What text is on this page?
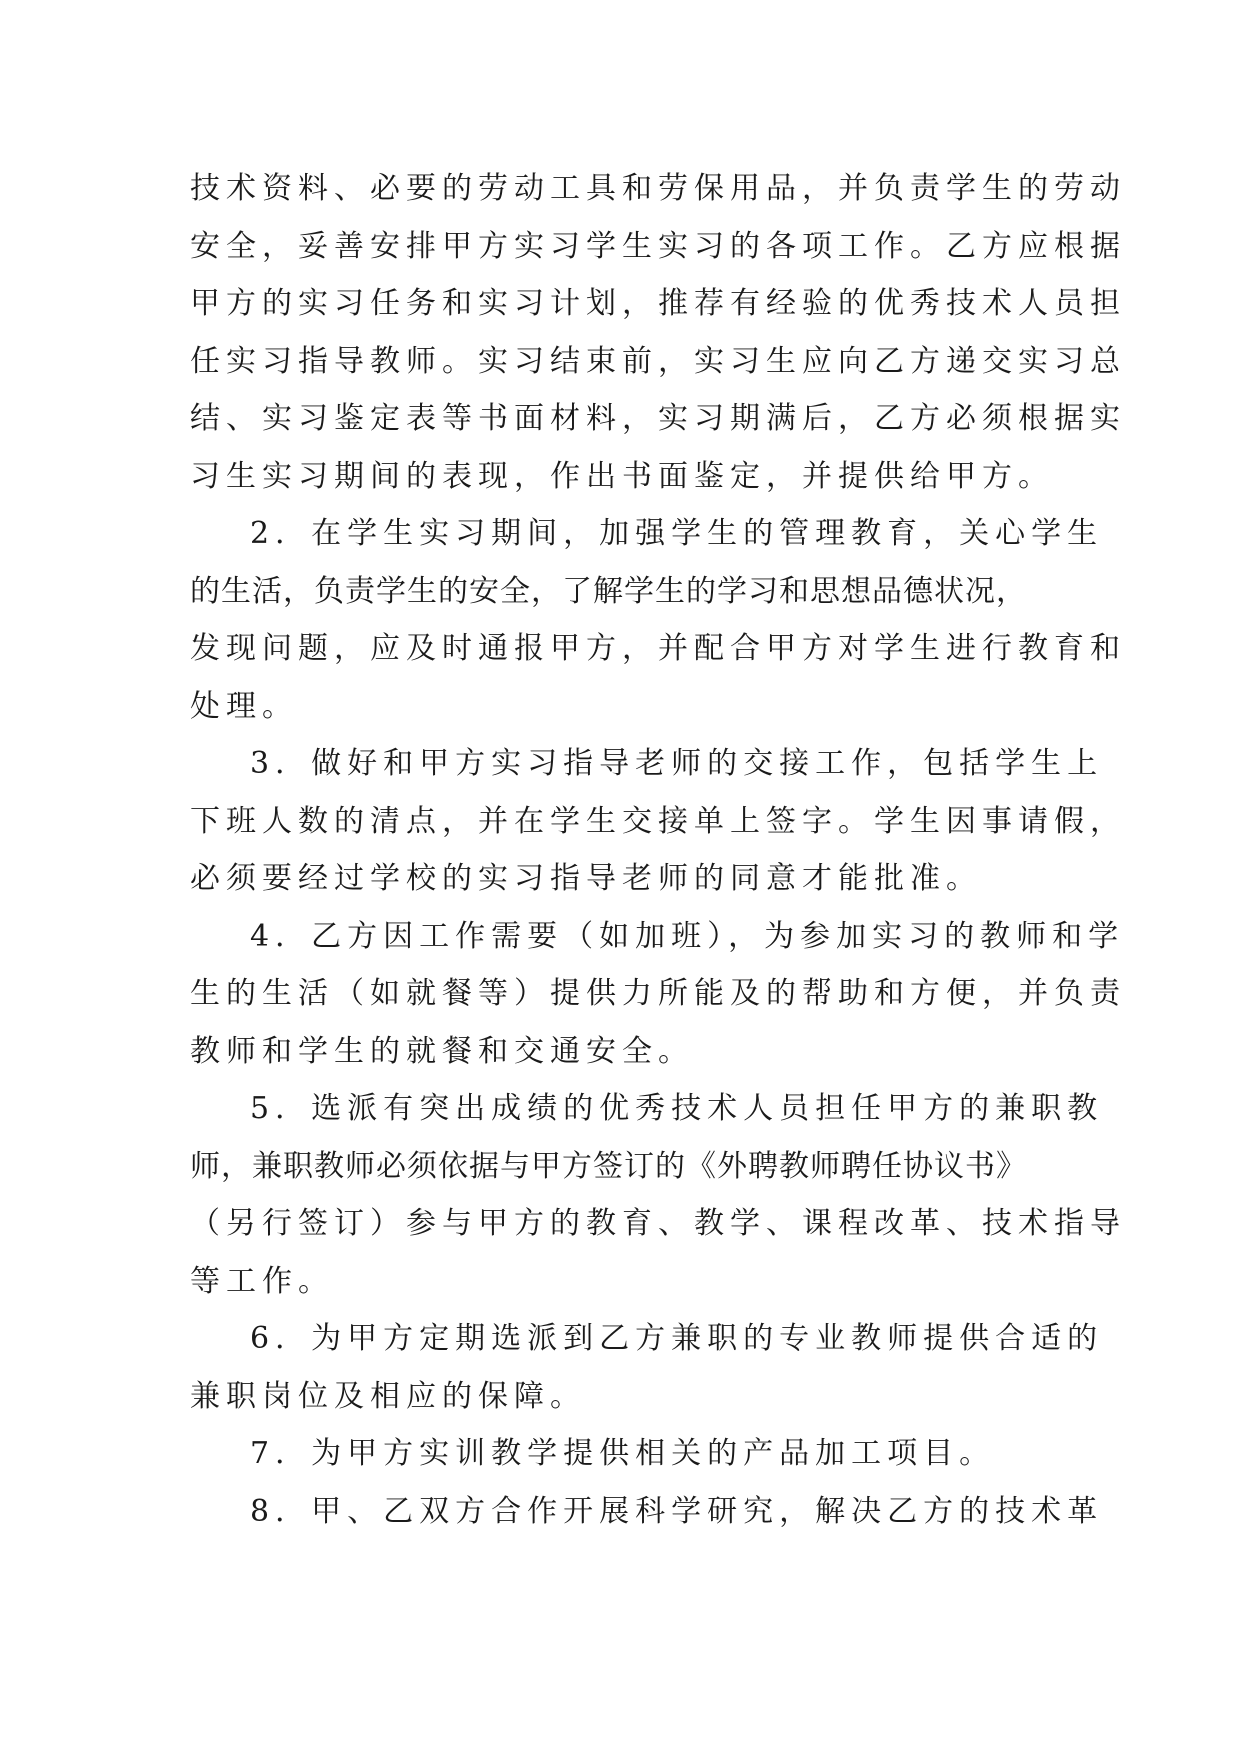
技术资料、必要的劳动工具和劳保用品，并负责学生的劳动
安全，妥善安排甲方实习学生实习的各项工作。乙方应根据
甲方的实习任务和实习计划，推荐有经验的优秀技术人员担
任实习指导教师。实习结束前，实习生应向乙方递交实习总
结、实习鉴定表等书面材料，实习期满后，乙方必须根据实
习生实习期间的表现，作出书面鉴定，并提供给甲方。
2．在学生实习期间，加强学生的管理教育，关心学生
的生活，负责学生的安全，了解学生的学习和思想品德状况，
发现问题，应及时通报甲方，并配合甲方对学生进行教育和
处理。
3．做好和甲方实习指导老师的交接工作，包括学生上
下班人数的清点，并在学生交接单上签字。学生因事请假，
必须要经过学校的实习指导老师的同意才能批准。
4．乙方因工作需要（如加班），为参加实习的教师和学
生的生活（如就餐等）提供力所能及的帮助和方便，并负责
教师和学生的就餐和交通安全。
5．选派有突出成绩的优秀技术人员担任甲方的兼职教
师，兼职教师必须依据与甲方签订的《外聘教师聘任协议书》
（另行签订）参与甲方的教育、教学、课程改革、技术指导
等工作。
6．为甲方定期选派到乙方兼职的专业教师提供合适的
兼职岗位及相应的保障。
7．为甲方实训教学提供相关的产品加工项目。
8．甲、乙双方合作开展科学研究，解决乙方的技术革
